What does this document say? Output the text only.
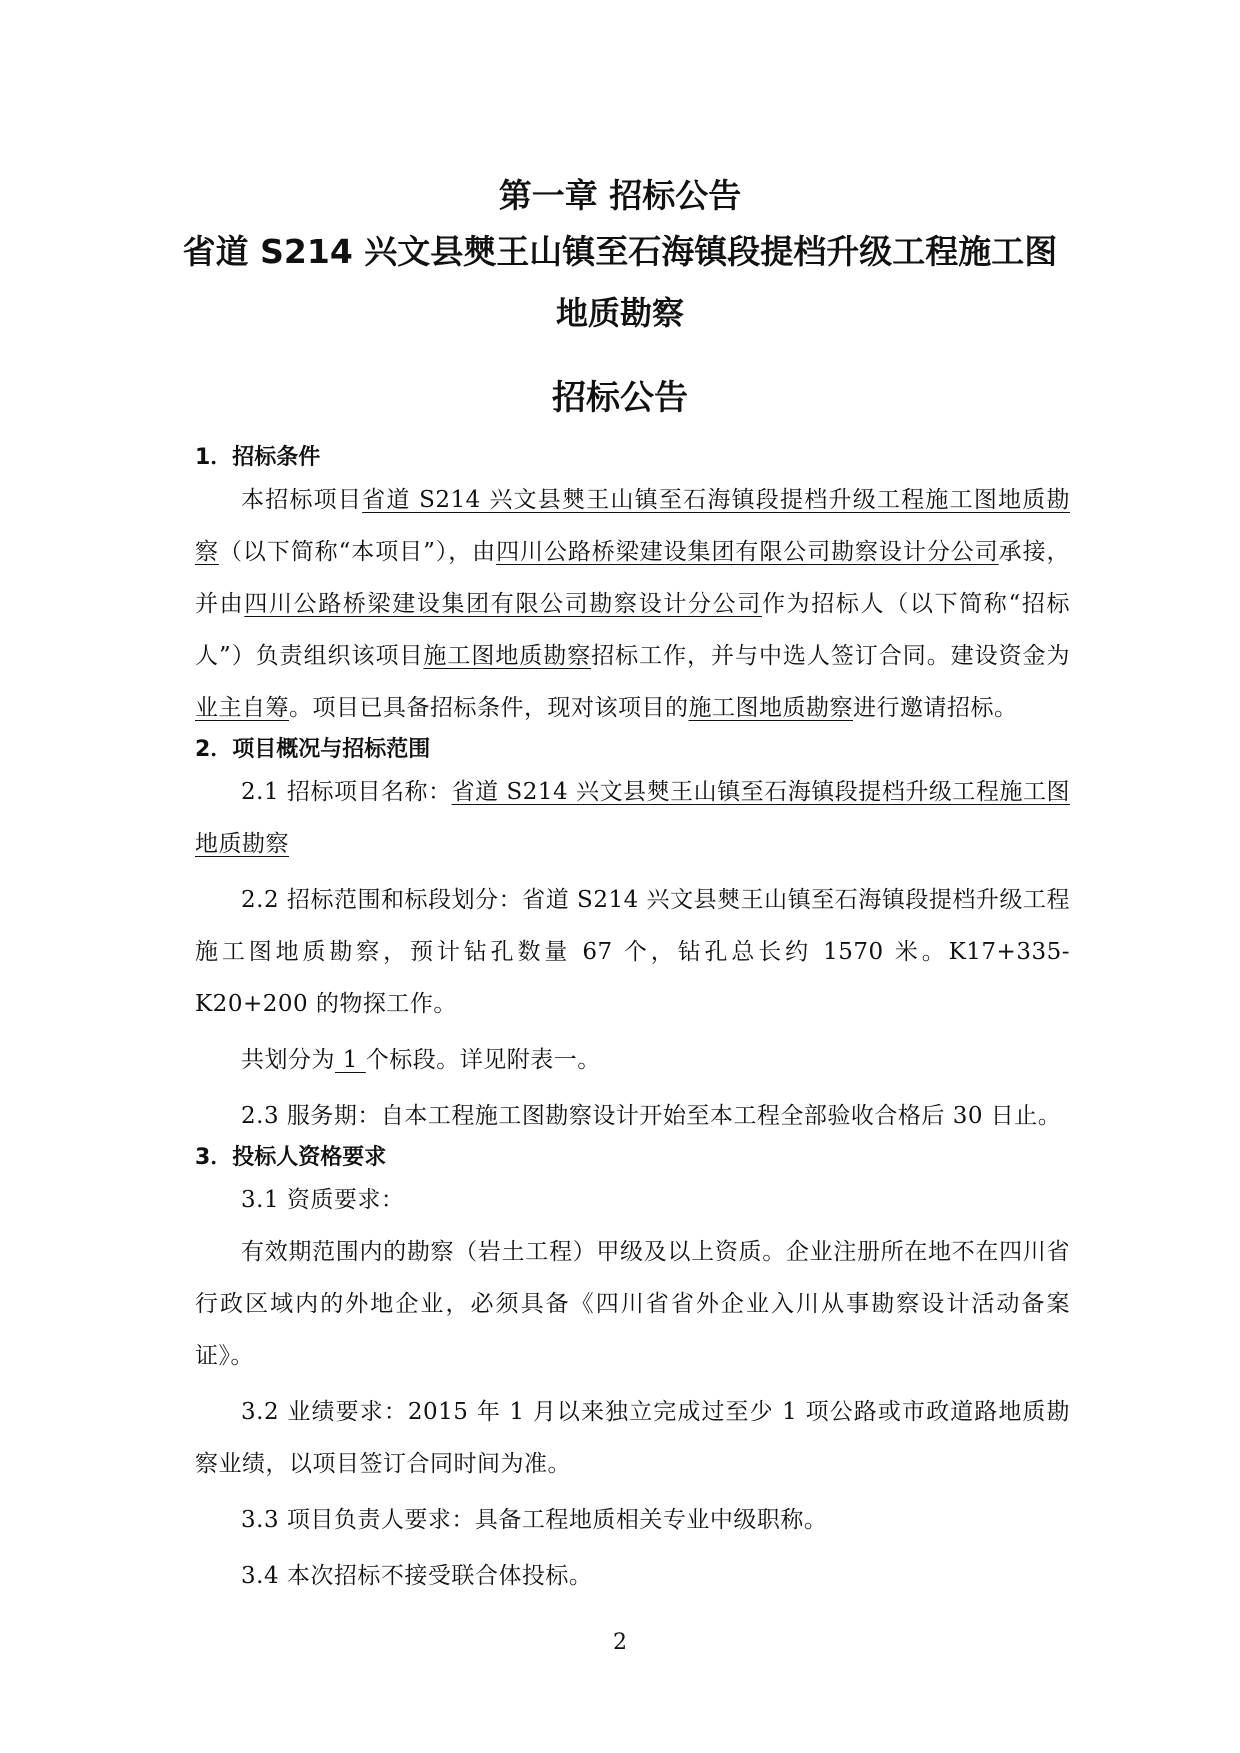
第一章 招标公告
省道 S214 兴文县僰王山镇至石海镇段提档升级工程施工图
地质勘察
招标公告

1．招标条件

本招标项目省道 S214 兴文县僰王山镇至石海镇段提档升级工程施工图地质勘察（以下简称“本项目”），由四川公路桥梁建设集团有限公司勘察设计分公司承接，并由四川公路桥梁建设集团有限公司勘察设计分公司作为招标人（以下简称“招标人”）负责组织该项目施工图地质勘察招标工作，并与中选人签订合同。建设资金为业主自筹。项目已具备招标条件，现对该项目的施工图地质勘察进行邀请招标。

2．项目概况与招标范围

2.1 招标项目名称：省道 S214 兴文县僰王山镇至石海镇段提档升级工程施工图地质勘察

2.2 招标范围和标段划分：省道 S214 兴文县僰王山镇至石海镇段提档升级工程施工图地质勘察，预计钻孔数量 67 个，钻孔总长约 1570 米。K17+335-K20+200 的物探工作。

共划分为 1 个标段。详见附表一。

2.3 服务期：自本工程施工图勘察设计开始至本工程全部验收合格后 30 日止。

3．投标人资格要求

3.1 资质要求：

有效期范围内的勘察（岩土工程）甲级及以上资质。企业注册所在地不在四川省行政区域内的外地企业，必须具备《四川省省外企业入川从事勘察设计活动备案证》。

3.2 业绩要求：2015 年 1 月以来独立完成过至少 1 项公路或市政道路地质勘察业绩，以项目签订合同时间为准。

3.3 项目负责人要求：具备工程地质相关专业中级职称。

3.4 本次招标不接受联合体投标。

2
